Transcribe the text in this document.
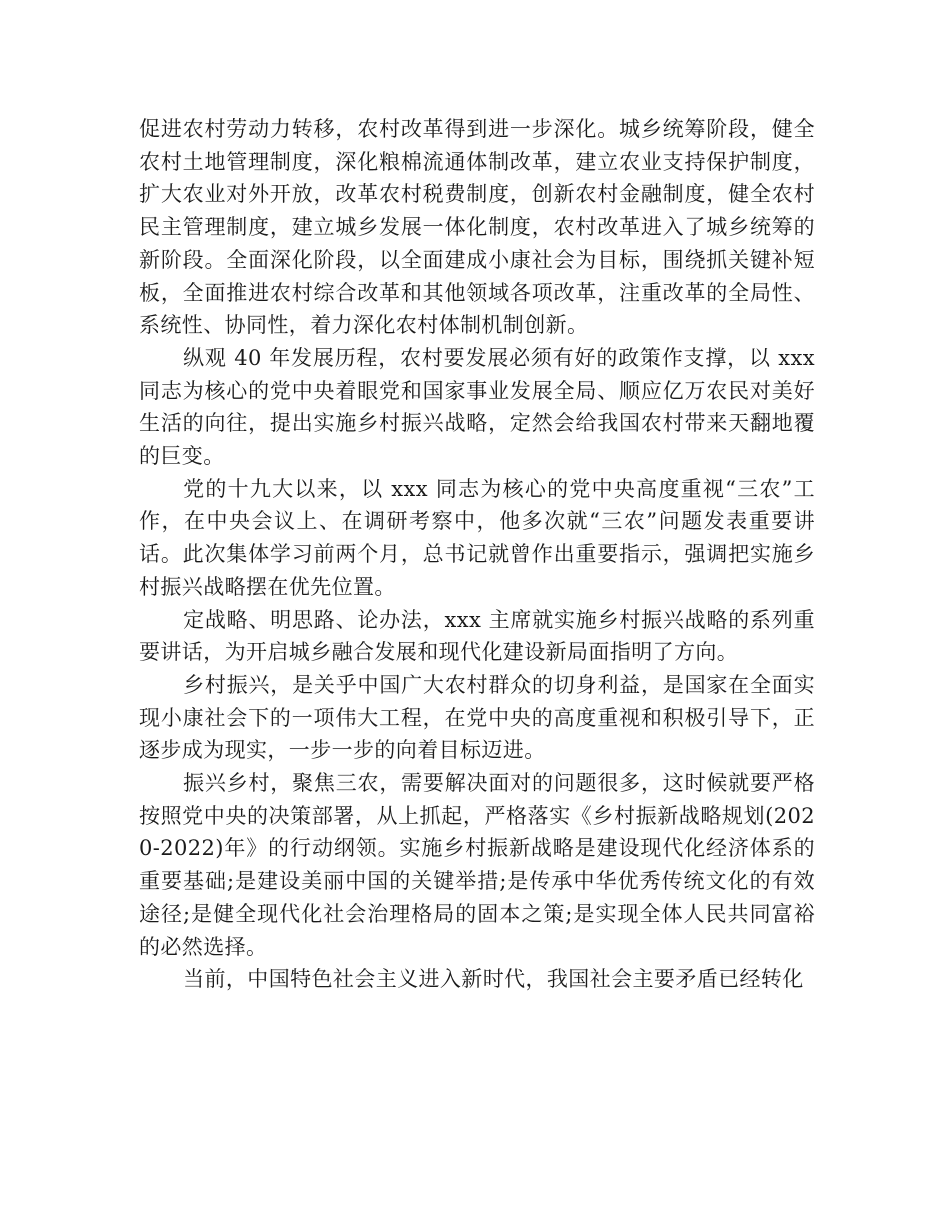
促进农村劳动力转移，农村改革得到进一步深化。城乡统筹阶段，健全农村土地管理制度，深化粮棉流通体制改革，建立农业支持保护制度，扩大农业对外开放，改革农村税费制度，创新农村金融制度，健全农村民主管理制度，建立城乡发展一体化制度，农村改革进入了城乡统筹的新阶段。全面深化阶段，以全面建成小康社会为目标，围绕抓关键补短板，全面推进农村综合改革和其他领域各项改革，注重改革的全局性、系统性、协同性，着力深化农村体制机制创新。

纵观 40 年发展历程，农村要发展必须有好的政策作支撑，以 xxx 同志为核心的党中央着眼党和国家事业发展全局、顺应亿万农民对美好生活的向往，提出实施乡村振兴战略，定然会给我国农村带来天翻地覆的巨变。

党的十九大以来，以 xxx 同志为核心的党中央高度重视“三农”工作，在中央会议上、在调研考察中，他多次就“三农”问题发表重要讲话。此次集体学习前两个月，总书记就曾作出重要指示，强调把实施乡村振兴战略摆在优先位置。

定战略、明思路、论办法，xxx 主席就实施乡村振兴战略的系列重要讲话，为开启城乡融合发展和现代化建设新局面指明了方向。

乡村振兴，是关乎中国广大农村群众的切身利益，是国家在全面实现小康社会下的一项伟大工程，在党中央的高度重视和积极引导下，正逐步成为现实，一步一步的向着目标迈进。

振兴乡村，聚焦三农，需要解决面对的问题很多，这时候就要严格按照党中央的决策部署，从上抓起，严格落实《乡村振新战略规划(2020-2022)年》的行动纲领。实施乡村振新战略是建设现代化经济体系的重要基础;是建设美丽中国的关键举措;是传承中华优秀传统文化的有效途径;是健全现代化社会治理格局的固本之策;是实现全体人民共同富裕的必然选择。

当前，中国特色社会主义进入新时代，我国社会主要矛盾已经转化
